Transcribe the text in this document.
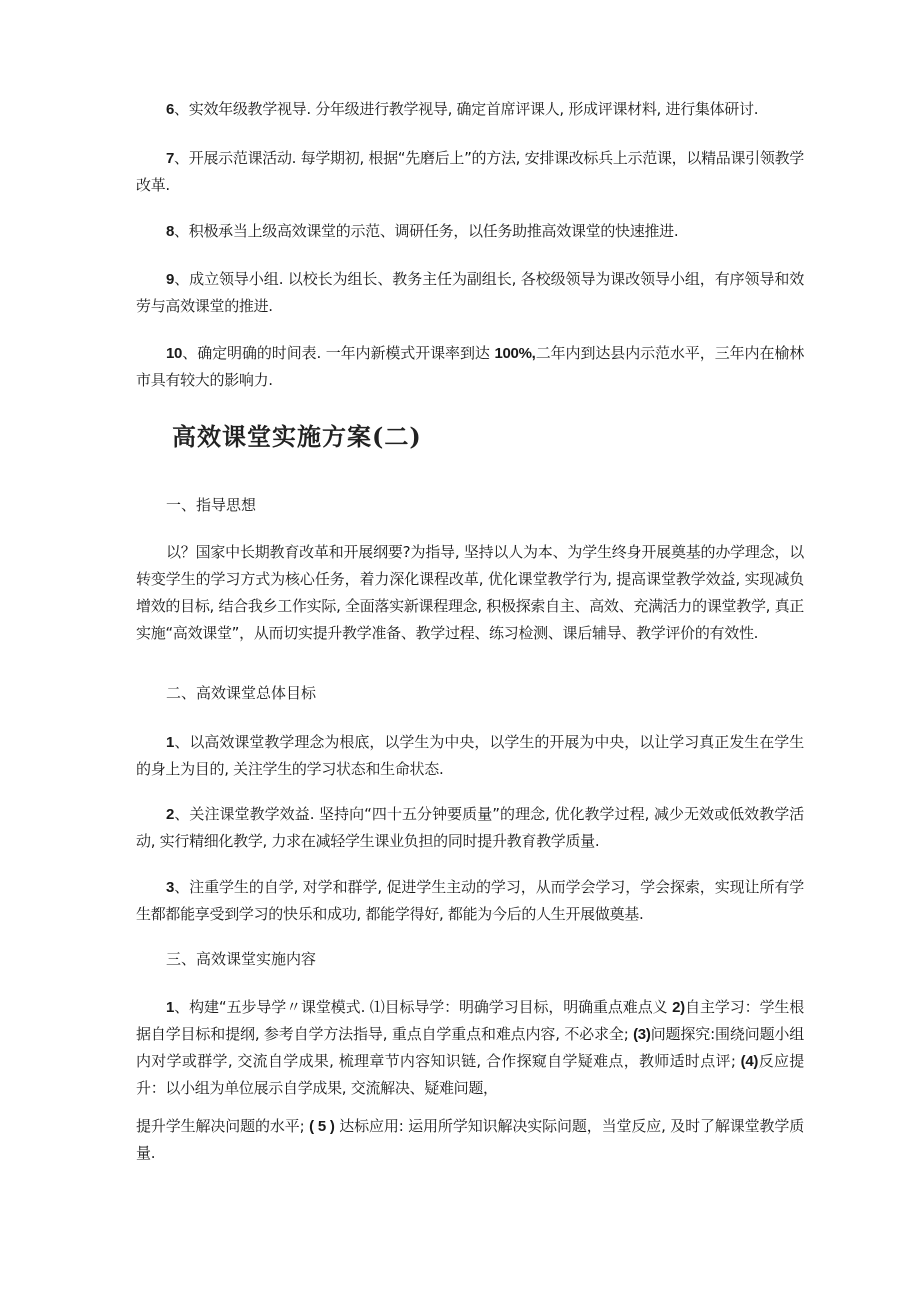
6、实效年级教学视导. 分年级进行教学视导, 确定首席评课人, 形成评课材料, 进行集体研讨.

7、开展示范课活动. 每学期初, 根据“先磨后上”的方法, 安排课改标兵上示范课，以精品课引领教学改革.

8、积极承当上级高效课堂的示范、调研任务，以任务助推高效课堂的快速推进.

9、成立领导小组. 以校长为组长、教务主任为副组长, 各校级领导为课改领导小组，有序领导和效劳与高效课堂的推进.

10、确定明确的时间表. 一年内新模式开课率到达 100%,二年内到达县内示范水平，三年内在榆林市具有较大的影响力.

高效课堂实施方案(二)

一、指导思想

以？国家中长期教育改革和开展纲要?为指导, 坚持以人为本、为学生终身开展奠基的办学理念，以转变学生的学习方式为核心任务，着力深化课程改革, 优化课堂教学行为, 提高课堂教学效益, 实现减负增效的目标, 结合我乡工作实际, 全面落实新课程理念, 积极探索自主、高效、充满活力的课堂教学, 真正实施“高效课堂”，从而切实提升教学准备、教学过程、练习检测、课后辅导、教学评价的有效性.

二、高效课堂总体目标

1、以高效课堂教学理念为根底，以学生为中央，以学生的开展为中央，以让学习真正发生在学生的身上为目的, 关注学生的学习状态和生命状态.

2、关注课堂教学效益. 坚持向“四十五分钟要质量”的理念, 优化教学过程, 减少无效或低效教学活动, 实行精细化教学, 力求在减轻学生课业负担的同时提升教育教学质量.

3、注重学生的自学, 对学和群学, 促进学生主动的学习，从而学会学习，学会探索，实现让所有学生都都能享受到学习的快乐和成功, 都能学得好, 都能为今后的人生开展做奠基.

三、高效课堂实施内容

1、构建“五步导学〃课堂模式. ⑴目标导学：明确学习目标，明确重点难点义 2)自主学习：学生根据自学目标和提纲, 参考自学方法指导, 重点自学重点和难点内容, 不必求全; (3)问题探究:围绕问题小组内对学或群学, 交流自学成果, 梳理章节内容知识链, 合作探窥自学疑难点，教师适时点评; (4)反应提升：以小组为单位展示自学成果, 交流解决、疑难问题，

提升学生解决问题的水平; ( 5 ) 达标应用: 运用所学知识解决实际问题，当堂反应, 及时了解课堂教学质量.
